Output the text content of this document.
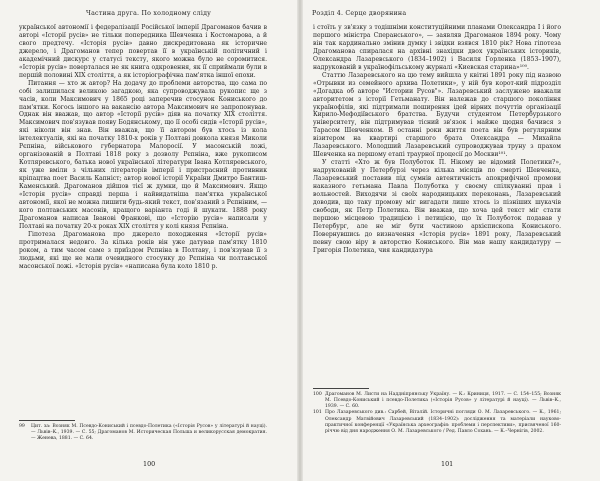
Частина друга. По холодному сліду

української автономії і федералізації Російської імперії Драгоманов бачив в авторі «Історії русів» не тільки попередника Шевченка і Костомарова, а й свого предтечу. «Історія русів» давно дискредитована як історичне джерело, і Драгоманов тепер повертав її в українській політичний і академічний дискурс у статусі тексту, якого можна було не соромитися. «Історія русів» поверталася не як книга одкровення, як її сприймали були в першій половині XIX століття, а як історіографічна пам'ятка іншої епохи.

Питання — хто ж автор? На додачу до проблеми авторства, що сама по собі залишилася великою загадкою, яка супроводжувала рукопис ще з часів, коли Максимович у 1865 році заперечив стосунок Кониського до пам'ятки. Когось іншого на вакансію автора Максимович не запропонував. Однак він вважав, що автор «Історії русів» діяв на початку XIX століття. Максимович пов'язував появу Бодянському, що її особі сидів «Історії русів», які ніколи він знав. Він вважав, що її автором був хтось із кола інтелектуалів, які на початку 1810-х років у Полтаві довкола князя Миколи Рєпніна, військового губернатора Малоросії. У масонській ложі, організованій в Полтаві 1818 року з дозволу Рєпніна, вже рукописом Котляревського, батька нової української літератури Івана Котляревського, як уже вміли з чільних літераторів імперії і пристрасний противник кріпацтва поет Василь Капніст; автор нової історії України Дмитро Бантиш-Каменський. Драгоманов дійшов тієї ж думки, що й Максимович. Якщо «Історія русів» справді перша і найвидатніша пам'ятка української автономії, якої не можна лишити будь-який текст, пов'язаний з Рєпніним, — кого полтавських масонів, кращого варіанта годі й шукати. 1888 року Драгоманов написав Іванові Франкові, що «Історію русів» написали у Полтаві на початку 20-х роках XIX століття у колі князя Рєпніна.

Гіпотеза Драгоманова про джерело походження «Історії русів» протрималася недовго. За кілька років він уже датував пам'ятку 1810 роком, а тим часом саме з приїздом Рєпніна в Полтаву, і пов'язував її з людьми, які ще не мали очевидного стосунку до Рєпніна чи полтавської масонської ложі. «Історія русів» «написана була коло 1810 р.

99 Цит. за: Возняк М. Псевдо-Кониський і псевдо-Полетика («Історія Русов» у літературі й науці). — Львів–К., 1939. — С. 55; Драгоманов М. Историческая Польша и великорусская демократия. — Женева, 1881. — С. 64.
100
Розділ 4. Серце дворянина

і стоїть у зв'язку з тодішніми конституційними планами Олександра I і його першого міністра Сперанського», — заявляв Драгоманов 1894 року. Чому він так кардинально змінив думку і звідки взявся 1810 рік? Нова гіпотеза Драгоманова спиралася на архівні знахідки двох українських істориків, Олександра Лазаревського (1834–1902) і Василя Горленка (1853–1907), надрукованій в українофільському журналі «Киевская старина»¹⁰⁰.

Статтю Лазаревського на цю тему вийшла у квітні 1891 року під назвою «Отрывки из семейного архива Полетики», у ній був корот-кий підрозділ «Догадка об авторе "Истории Русов"». Лазаревський заслужено вважали авторитетом з історії Гетьманату. Він належав до старшого покоління українофілів, які підтримали поширення ідей вірних почуттів організації Кирило-Мефодіївського братства. Будучи студентом Петербурзького університету, він підтримував тісний зв'язок і майже щодня бачився з Тарасом Шевченком. В останні роки життя поета він був регулярним візитером на квартирі старшого брата Олександра — Михайла Лазаревського. Молодший Лазаревський супроводжував труну з прахом Шевченка на першому етапі траурної процесії до Москви¹⁰¹.

У статті «Хто ж був Полуботок П. Нікому не відомий Полетики?», надрукованій у Петербурзі через кілька місяців по смерті Шевченка, Лазаревський поставив під сумнів автентичність апокрифічної промови наказного гетьмана Павла Полуботка у своєму спілкуванні прав і вольностей. Виходячи зі своїх народницьких переконань, Лазаревський доводив, що таку промову міг вигадати лише хтось із пізніших шукачів свободи, як Петр Полетика. Він вважав, що хоча цей текст міг стати першою місцевою традицією і петицією, що їх Полуботок подавав у Петербург, але не міг бути частиною архієпископа Кониського. Повернувшись до визначення «Історія русів» 1891 року, Лазаревський певну свою віру в авторство Кониського. Він мав нашу кандидатуру — Григорія Полетика, чия кандидатура

100 Драгоманов М. Листи на Наддніпрянську Україну. — К.: Криниця, 1917. — С. 154–155; Возняк М. Псевдо-Кониський і псевдо-Полетика («Історія Русов» у літературі й науці). — Львів–К., 1939. — С. 60.
101 Про Лазаревського див.: Сарбей, Віталій. Історичні погляди О. М. Лазаревського. — К., 1961; Олександр Матвійович Лазаревський (1834–1902): дослідження та матеріали науково-практичної конференції «Українська археографія: проблеми і перспективи», присвяченої 160-річчю від дня народження О. М. Лазаревського / Ред. Павло Сохань. — К.–Чернігів, 2002.
101
